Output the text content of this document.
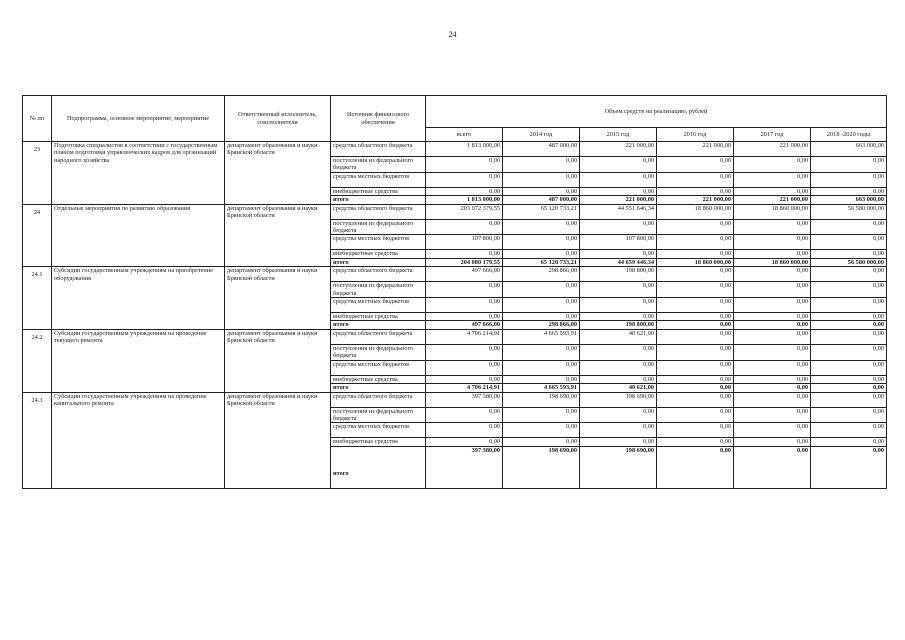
24
№ пп	Подпрограмма, основное мероприятие, мероприятие	Ответственный исполнитель, соисполнители	Источник финансового обеспечения	Объем средств на реализацию, рублей					
				всего	2014 год	2015 год	2016 год	2017 год	2018 -2020 годы
23	Подготовка специалистов в соответствии с государственным планом подготовки управленческих кадров для организаций народного хозяйства	департамент образования и науки Брянской области	средства областного бюджета	1 813 000,00	487 000,00	221 000,00	221 000,00	221 000,00	663 000,00
			поступления из федерального бюджета	0,00	0,00	0,00	0,00	0,00	0,00
			средства местных бюджетов	0,00	0,00	0,00	0,00	0,00	0,00
			внебюджетные средства	0,00	0,00	0,00	0,00	0,00	0,00
			итого	1 813 000,00	487 000,00	221 000,00	221 000,00	221 000,00	663 000,00
24	Отдельные мероприятия по развитию образования	департамент образования и науки Брянской области	средства областного бюджета	203 972 379,55	65 120 733,21	44 551 646,34	18 860 000,00	18 860 000,00	56 580 000,00
			поступления из федерального бюджета	0,00	0,00	0,00	0,00	0,00	0,00
			средства местных бюджетов	107 800,00	0,00	107 800,00	0,00	0,00	0,00
			внебюджетные средства	0,00	0,00	0,00	0,00	0,00	0,00
			итого	204 080 179,55	65 120 733,21	44 659 446,34	18 860 000,00	18 860 000,00	56 580 000,00
24.1	Субсидии государственным учреждениям на приобретение оборудования	департамент образования и науки Брянской области	средства областного бюджета	497 666,00	298 866,00	198 800,00	0,00	0,00	0,00
			поступления из федерального бюджета	0,00	0,00	0,00	0,00	0,00	0,00
			средства местных бюджетов	0,00	0,00	0,00	0,00	0,00	0,00
			внебюджетные средства	0,00	0,00	0,00	0,00	0,00	0,00
			итого	497 666,00	298 866,00	198 800,00	0,00	0,00	0,00
24.2	Субсидии государственным учреждениям на проведение текущего ремонта	департамент образования и науки Брянской области	средства областного бюджета	4 706 214,91	4 665 593,91	40 621,00	0,00	0,00	0,00
			поступления из федерального бюджета	0,00	0,00	0,00	0,00	0,00	0,00
			средства местных бюджетов	0,00	0,00	0,00	0,00	0,00	0,00
			внебюджетные средства	0,00	0,00	0,00	0,00	0,00	0,00
			итого	4 706 214,91	4 665 593,91	40 621,00	0,00	0,00	0,00
24.3	Субсидии государственным учреждениям на проведение капитального ремонта	департамент образования и науки Брянской области	средства областного бюджета	397 380,00	198 690,00	198 690,00	0,00	0,00	0,00
			поступления из федерального бюджета	0,00	0,00	0,00	0,00	0,00	0,00
			средства местных бюджетов	0,00	0,00	0,00	0,00	0,00	0,00
			внебюджетные средства	0,00	0,00	0,00	0,00	0,00	0,00
			итого	397 380,00	198 690,00	198 690,00	0,00	0,00	0,00
